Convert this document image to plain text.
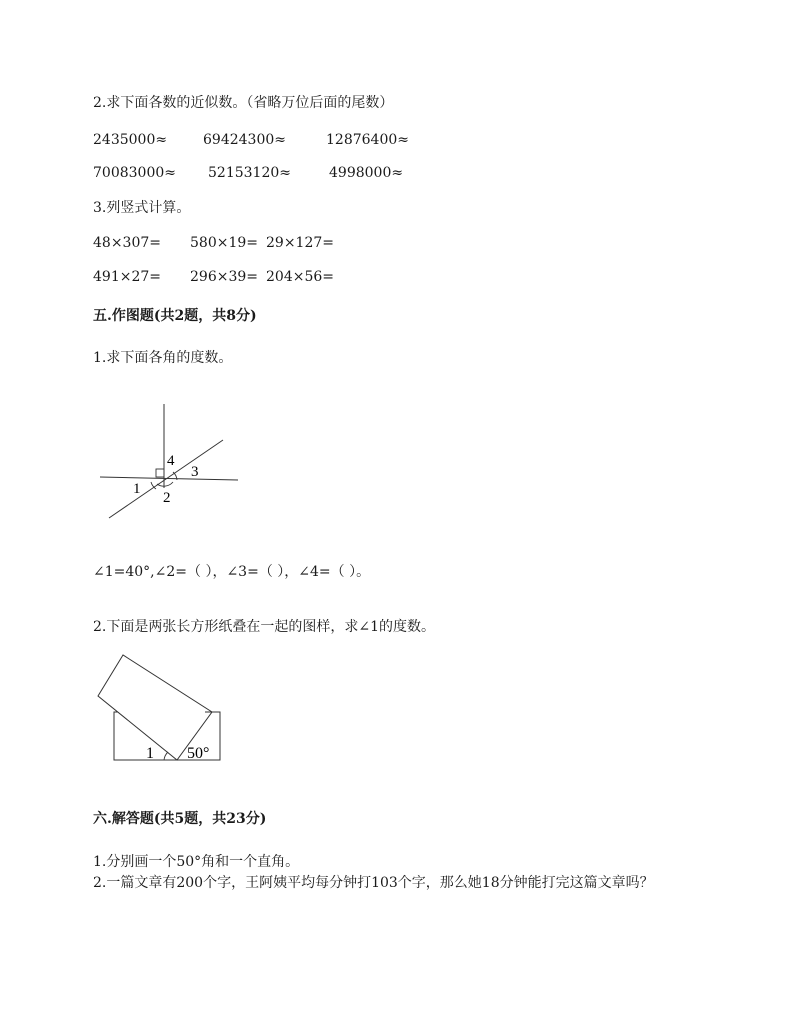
2.求下面各数的近似数。（省略万位后面的尾数）
2435000≈	69424300≈	12876400≈
70083000≈ 52153120≈	4998000≈
3.列竖式计算。
48×307= 580×19= 29×127=
491×27= 296×39= 204×56=
五.作图题(共2题，共8分)
1.求下面各角的度数。
1
2
3
4
∠1=40°,∠2=（ ），∠3=（ ），∠4=（ ）。
2.下面是两张长方形纸叠在一起的图样，求∠1的度数。
1 50°
六.解答题(共5题，共23分)
1.分别画一个50°角和一个直角。
2.一篇文章有200个字，王阿姨平均每分钟打103个字，那么她18分钟能打完这篇文章吗？
